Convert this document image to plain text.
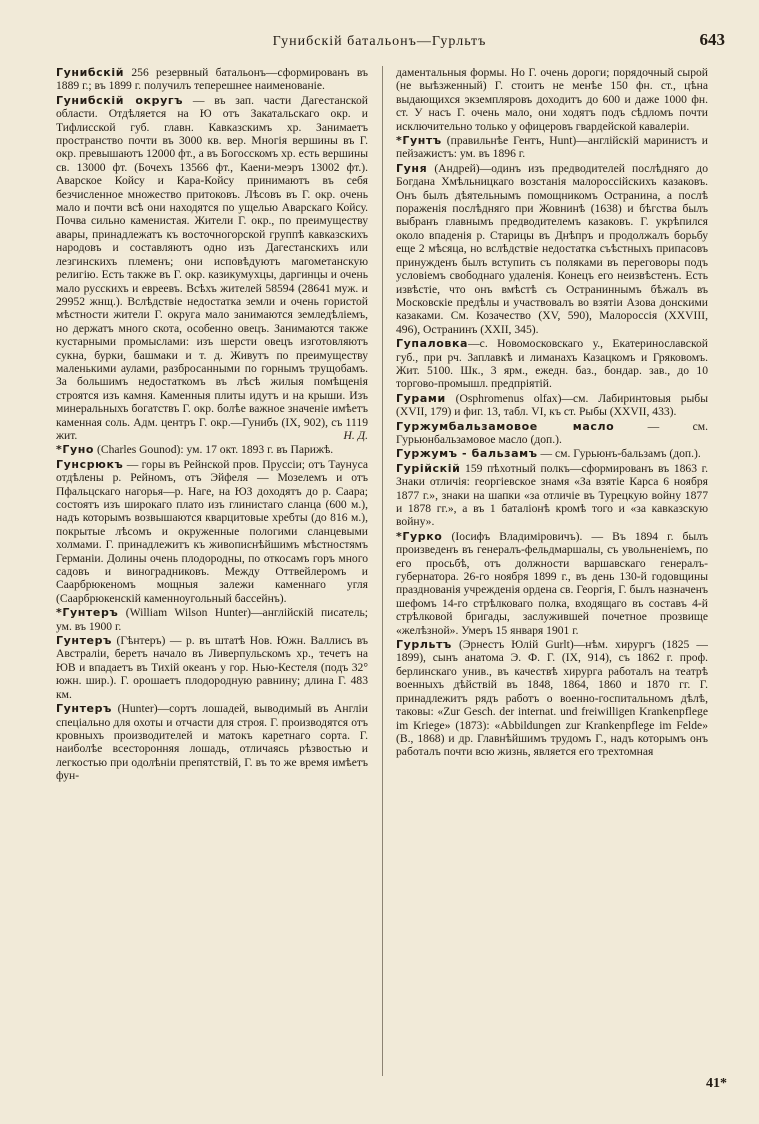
Гунибскій батальонъ—Гурльтъ	643

Гунибскій 256 резервный батальонъ—сформированъ въ 1889 г.; въ 1899 г. получилъ теперешнее наименованіе.

Гунибскій округъ — въ зап. части Дагестанской области. Отдѣляется на Ю отъ Закатальскаго окр. и Тифлисской губ. главн. Кавказскимъ хр. Занимаетъ пространство почти въ 3000 кв. вер. Многія вершины въ Г. окр. превышаютъ 12000 фт., а въ Богосскомъ хр. есть вершины св. 13000 фт. (Бочехъ 13566 фт., Каени-меэръ 13002 фт.). Аварское Койсу и Кара-Койсу принимаютъ въ себя безчисленное множество притоковъ. Лѣсовъ въ Г. окр. очень мало и почти всѣ они находятся по ущелью Аварскаго Койсу. Почва сильно каменистая. Жители Г. окр., по преимуществу авары, принадлежатъ къ восточногорской группѣ кавказскихъ народовъ и составляютъ одно изъ Дагестанскихъ или лезгинскихъ племенъ; они исповѣдуютъ магометанскую религію. Есть также въ Г. окр. казикумухцы, даргинцы и очень мало русскихъ и евреевъ. Всѣхъ жителей 58594 (28641 муж. и 29952 жнщ.). Вслѣдствіе недостатка земли и очень гористой мѣстности жители Г. округа мало занимаются земледѣліемъ, но держатъ много скота, особенно овецъ. Занимаются также кустарными промыслами: изъ шерсти овецъ изготовляютъ сукна, бурки, башмаки и т. д. Живутъ по преимуществу маленькими аулами, разбросанными по горнымъ трущобамъ. За большимъ недостаткомъ въ лѣсѣ жилыя помѣщенія строятся изъ камня. Каменныя плиты идутъ и на крыши. Изъ минеральныхъ богатствъ Г. окр. болѣе важное значеніе имѣетъ каменная соль. Адм. центръ Г. окр.—Гунибъ (IX, 902), съ 1119 жит.	Н. Д.

*Гуно (Charles Gounod): ум. 17 окт. 1893 г. въ Парижѣ.

Гунсрюкъ — горы въ Рейнской пров. Пруссіи; отъ Таунуса отдѣлены р. Рейномъ, отъ Эйфеля — Мозелемъ и отъ Пфальцскаго нагорья—р. Наге, на ЮЗ доходятъ до р. Саара; состоятъ изъ широкаго плато изъ глинистаго сланца (600 м.), надъ которымъ возвышаются кварцитовые хребты (до 816 м.), покрытые лѣсомъ и окруженные пологими сланцевыми холмами. Г. принадлежитъ къ живописнѣйшимъ мѣстностямъ Германіи. Долины очень плодородны, по откосамъ горъ много садовъ и виноградниковъ. Между Оттвейлеромъ и Саарбрюкеномъ мощныя залежи каменнаго угля (Саарбрюкенскій каменноугольный бассейнъ).

*Гунтеръ (William Wilson Hunter)—англійскій писатель; ум. въ 1900 г.

Гунтеръ (Гѣнтеръ) — р. въ штатѣ Нов. Южн. Валлисъ въ Австраліи, беретъ начало въ Ливерпульскомъ хр., течетъ на ЮВ и впадаетъ въ Тихій океанъ у гор. Нью-Кестеля (подъ 32° южн. шир.). Г. орошаетъ плодородную равнину; длина Г. 483 км.

Гунтеръ (Hunter)—сортъ лошадей, выводимый въ Англіи спеціально для охоты и отчасти для строя. Г. производятся отъ кровныхъ производителей и матокъ каретнаго сорта. Г. наиболѣе всесторонняя лошадь, отличаясь рѣзвостью и легкостью при одолѣніи препятствій, Г. въ то же время имѣетъ фун-

даментальныя формы. Но Г. очень дороги; порядочный сырой (не выѣзженный) Г. стоитъ не менѣе 150 фн. ст., цѣна выдающихся экземпляровъ доходитъ до 600 и даже 1000 фн. ст. У насъ Г. очень мало, они ходятъ подъ сѣдломъ почти исключительно только у офицеровъ гвардейской кавалеріи.

*Гунтъ (правильнѣе Гентъ, Hunt)—англійскій маринистъ и пейзажистъ: ум. въ 1896 г.

Гуня (Андрей)—одинъ изъ предводителей послѣдняго до Богдана Хмѣльницкаго возстанія малороссійскихъ казаковъ. Онъ былъ дѣятельнымъ помощникомъ Остранина, а послѣ пораженія послѣдняго при Жовнинѣ (1638) и бѣгства былъ выбранъ главнымъ предводителемъ казаковъ. Г. укрѣпился около впаденія р. Старицы въ Днѣпръ и продолжалъ борьбу еще 2 мѣсяца, но вслѣдствіе недостатка съѣстныхъ припасовъ принужденъ былъ вступить съ поляками въ переговоры подъ условіемъ свободнаго удаленія. Конецъ его неизвѣстенъ. Есть извѣстіе, что онъ вмѣстѣ съ Остраниннымъ бѣжалъ въ Московскіе предѣлы и участвовалъ во взятіи Азова донскими казаками. См. Козачество (XV, 590), Малороссія (XXVIII, 496), Остранинъ (XXII, 345).

Гупаловка—с. Новомосковскаго у., Екатеринославской губ., при рч. Заплавкѣ и лиманахъ Казацкомъ и Гряковомъ. Жит. 5100. Шк., 3 ярм., ежедн. баз., бондар. зав., до 10 торгово-промышл. предпріятій.

Гурами (Osphromenus olfax)—см. Лабиринтовыя рыбы (XVII, 179) и фиг. 13, табл. VI, къ ст. Рыбы (XXVII, 433).

Гуржумбальзамовое масло — см. Гурьюнбальзамовое масло (доп.).

Гуржумъ - бальзамъ — см. Гурьюнъ-бальзамъ (доп.).

Гурійскій 159 пѣхотный полкъ—сформированъ въ 1863 г. Знаки отличія: георгіевское знамя «За взятіе Карса 6 ноября 1877 г.», знаки на шапки «за отличіе въ Турецкую войну 1877 и 1878 гг.», а въ 1 баталіонѣ кромѣ того и «за кавказскую войну».

*Гурко (Іосифъ Владиміровичъ). — Въ 1894 г. былъ произведенъ въ генералъ-фельдмаршалы, съ увольненіемъ, по его просьбѣ, отъ должности варшавскаго генералъ-губернатора. 26-го ноября 1899 г., въ день 130-й годовщины празднованія учрежденія ордена св. Георгія, Г. былъ назначенъ шефомъ 14-го стрѣлковаго полка, входящаго въ составъ 4-й стрѣлковой бригады, заслужившей почетное прозвище «желѣзной». Умеръ 15 января 1901 г.

Гурльтъ (Эрнестъ Юлій Gurlt)—нѣм. хирургъ (1825 — 1899), сынъ анатома Э. Ф. Г. (IX, 914), съ 1862 г. проф. берлинскаго унив., въ качествѣ хирурга работалъ на театрѣ военныхъ дѣйствій въ 1848, 1864, 1860 и 1870 гг. Г. принадлежитъ рядъ работъ о военно-госпитальномъ дѣлѣ, таковы: «Zur Gesch. der internat. und freiwilligen Krankenpflege im Kriege» (1873): «Abbildungen zur Krankenpflege im Felde» (B., 1868) и др. Главнѣйшимъ трудомъ Г., надъ которымъ онъ работалъ почти всю жизнь, является его трехтомная

41*
